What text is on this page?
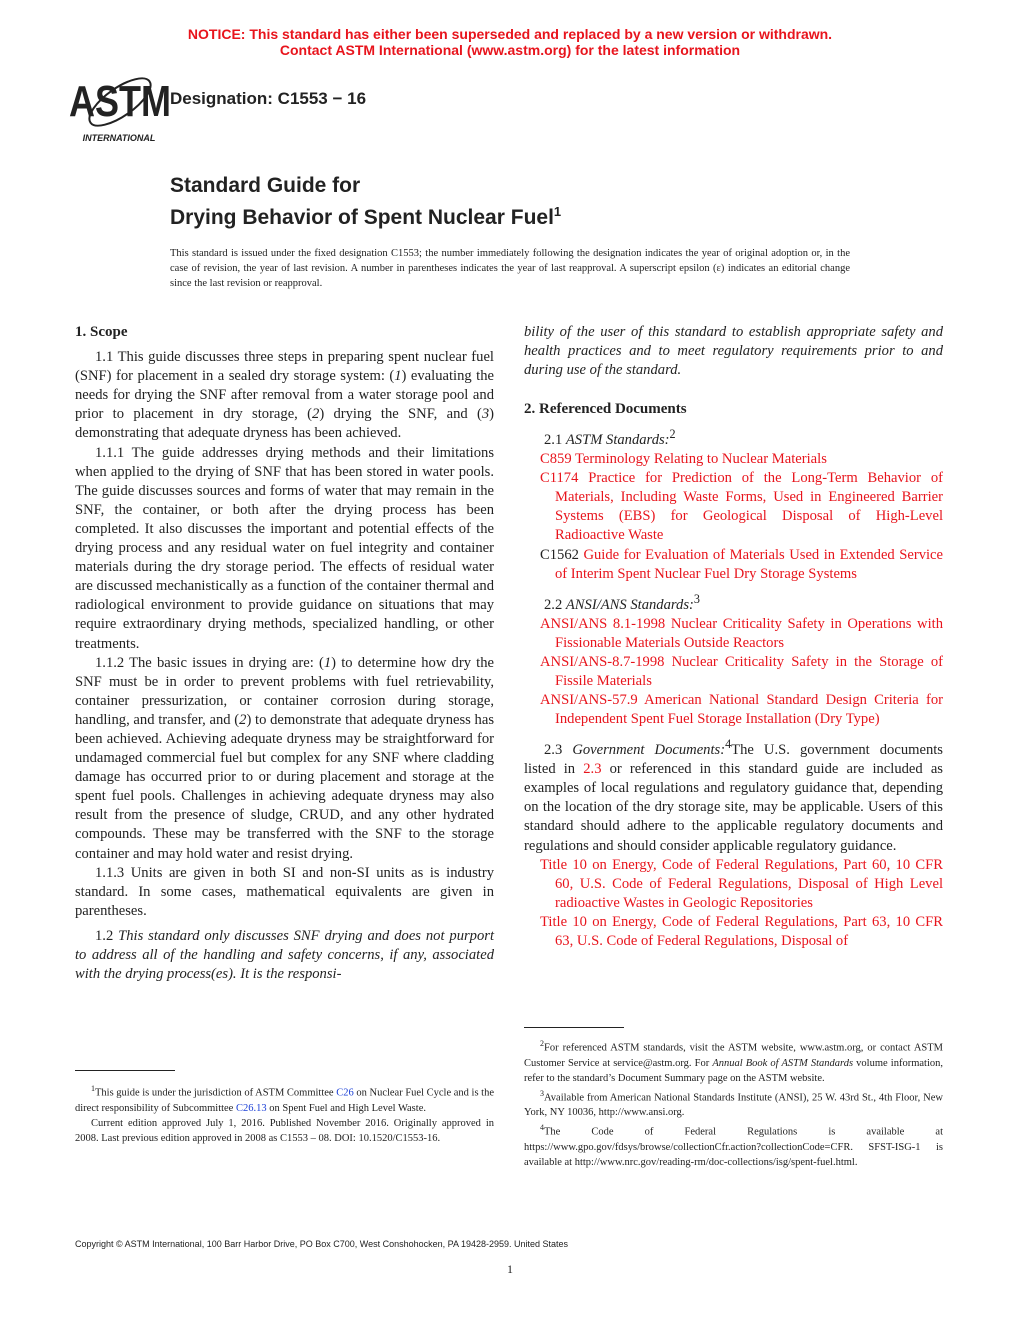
NOTICE: This standard has either been superseded and replaced by a new version or withdrawn.
Contact ASTM International (www.astm.org) for the latest information
ASTM
INTERNATIONAL
Designation: C1553 − 16
Standard Guide for
Drying Behavior of Spent Nuclear Fuel$^1$
This standard is issued under the fixed designation C1553; the number immediately following the designation indicates the year of original adoption or, in the case of revision, the year of last revision. A number in parentheses indicates the year of last reapproval. A superscript epsilon (ε) indicates an editorial change since the last revision or reapproval.
1. Scope

1.1 This guide discusses three steps in preparing spent nuclear fuel (SNF) for placement in a sealed dry storage system: (1) evaluating the needs for drying the SNF after removal from a water storage pool and prior to placement in dry storage, (2) drying the SNF, and (3) demonstrating that adequate dryness has been achieved.

1.1.1 The guide addresses drying methods and their limitations when applied to the drying of SNF that has been stored in water pools. The guide discusses sources and forms of water that may remain in the SNF, the container, or both after the drying process has been completed. It also discusses the important and potential effects of the drying process and any residual water on fuel integrity and container materials during the dry storage period. The effects of residual water are discussed mechanistically as a function of the container thermal and radiological environment to provide guidance on situations that may require extraordinary drying methods, specialized handling, or other treatments.

1.1.2 The basic issues in drying are: (1) to determine how dry the SNF must be in order to prevent problems with fuel retrievability, container pressurization, or container corrosion during storage, handling, and transfer, and (2) to demonstrate that adequate dryness has been achieved. Achieving adequate dryness may be straightforward for undamaged commercial fuel but complex for any SNF where cladding damage has occurred prior to or during placement and storage at the spent fuel pools. Challenges in achieving adequate dryness may also result from the presence of sludge, CRUD, and any other hydrated compounds. These may be transferred with the SNF to the storage container and may hold water and resist drying.

1.1.3 Units are given in both SI and non-SI units as is industry standard. In some cases, mathematical equivalents are given in parentheses.

1.2 This standard only discusses SNF drying and does not purport to address all of the handling and safety concerns, if any, associated with the drying process(es). It is the responsi-

2. Referenced Documents

2.1 ASTM Standards:$^2$

C859 Terminology Relating to Nuclear Materials

C1174 Practice for Prediction of the Long-Term Behavior of Materials, Including Waste Forms, Used in Engineered Barrier Systems (EBS) for Geological Disposal of High-Level Radioactive Waste

C1562 Guide for Evaluation of Materials Used in Extended Service of Interim Spent Nuclear Fuel Dry Storage Systems

2.2 ANSI/ANS Standards:$^3$

ANSI/ANS 8.1-1998 Nuclear Criticality Safety in Operations with Fissionable Materials Outside Reactors

ANSI/ANS-8.7-1998 Nuclear Criticality Safety in the Storage of Fissile Materials

ANSI/ANS-57.9 American National Standard Design Criteria for Independent Spent Fuel Storage Installation (Dry Type)

2.3 Government Documents:$^4$The U.S. government documents listed in 2.3 or referenced in this standard guide are included as examples of local regulations and regulatory guidance that, depending on the location of the dry storage site, may be applicable. Users of this standard should adhere to the applicable regulatory documents and regulations and should consider applicable regulatory guidance.

Title 10 on Energy, Code of Federal Regulations, Part 60, 10 CFR 60, U.S. Code of Federal Regulations, Disposal of High Level radioactive Wastes in Geologic Repositories

Title 10 on Energy, Code of Federal Regulations, Part 63, 10 CFR 63, U.S. Code of Federal Regulations, Disposal of

bility of the user of this standard to establish appropriate safety and health practices and to meet regulatory requirements prior to and during use of the standard.

$^1$This guide is under the jurisdiction of ASTM Committee C26 on Nuclear Fuel Cycle and is the direct responsibility of Subcommittee C26.13 on Spent Fuel and High Level Waste.

Current edition approved July 1, 2016. Published November 2016. Originally approved in 2008. Last previous edition approved in 2008 as C1553 – 08. DOI: 10.1520/C1553-16.

$^2$For referenced ASTM standards, visit the ASTM website, www.astm.org, or contact ASTM Customer Service at service@astm.org. For Annual Book of ASTM Standards volume information, refer to the standard’s Document Summary page on the ASTM website.

$^3$Available from American National Standards Institute (ANSI), 25 W. 43rd St., 4th Floor, New York, NY 10036, http://www.ansi.org.

$^4$The Code of Federal Regulations is available at https://www.gpo.gov/fdsys/browse/collectionCfr.action?collectionCode=CFR. SFST-ISG-1 is available at http://www.nrc.gov/reading-rm/doc-collections/isg/spent-fuel.html.

Copyright © ASTM International, 100 Barr Harbor Drive, PO Box C700, West Conshohocken, PA 19428-2959. United States
1
